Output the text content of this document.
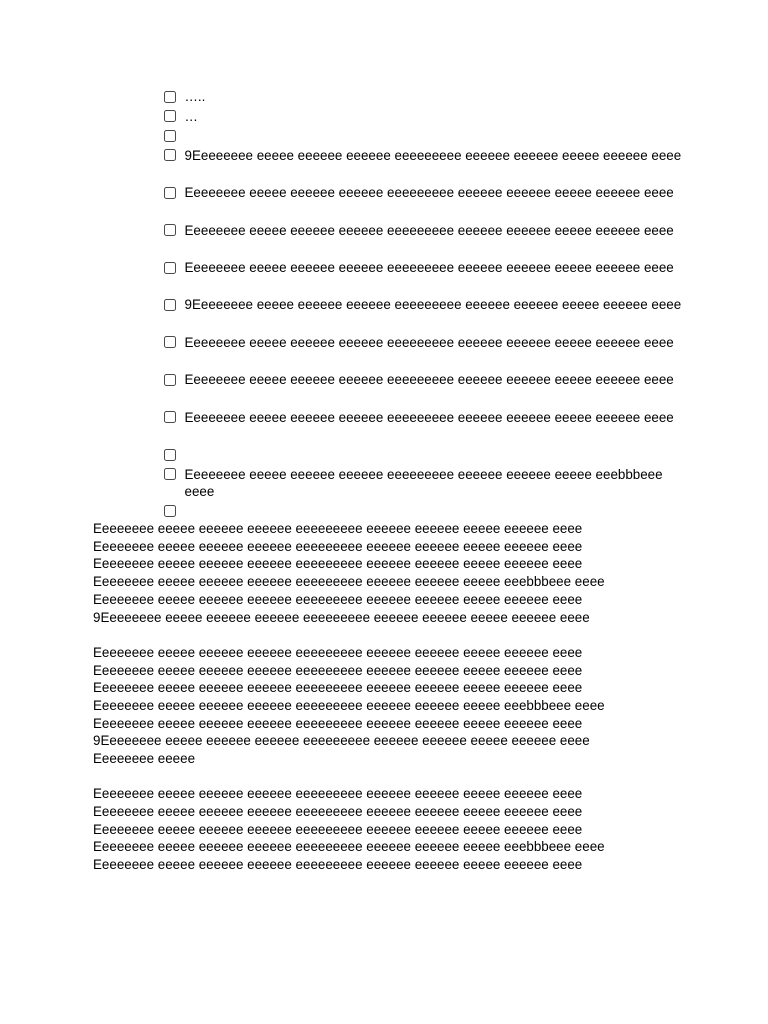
…..
…
9Eeeeeeee eeeee eeeeee eeeeee eeeeeeeee eeeeee eeeeee eeeee eeeeee eeee
Eeeeeeee eeeee eeeeee eeeeee eeeeeeeee eeeeee eeeeee eeeee eeeeee eeee
Eeeeeeee eeeee eeeeee eeeeee eeeeeeeee eeeeee eeeeee eeeee eeeeee eeee
Eeeeeeee eeeee eeeeee eeeeee eeeeeeeee eeeeee eeeeee eeeee eeeeee eeee
9Eeeeeeee eeeee eeeeee eeeeee eeeeeeeee eeeeee eeeeee eeeee eeeeee eeee
Eeeeeeee eeeee eeeeee eeeeee eeeeeeeee eeeeee eeeeee eeeee eeeeee eeee
Eeeeeeee eeeee eeeeee eeeeee eeeeeeeee eeeeee eeeeee eeeee eeeeee eeee
Eeeeeeee eeeee eeeeee eeeeee eeeeeeeee eeeeee eeeeee eeeee eeeeee eeee
Eeeeeeee eeeee eeeeee eeeeee eeeeeeeee eeeeee eeeeee eeeee eeebbbeee eeee

Eeeeeeee eeeee eeeeee eeeeee eeeeeeeee eeeeee eeeeee eeeee eeeeee eeee
Eeeeeeee eeeee eeeeee eeeeee eeeeeeeee eeeeee eeeeee eeeee eeeeee eeee
Eeeeeeee eeeee eeeeee eeeeee eeeeeeeee eeeeee eeeeee eeeee eeeeee eeee
Eeeeeeee eeeee eeeeee eeeeee eeeeeeeee eeeeee eeeeee eeeee eeebbbeee eeee
Eeeeeeee eeeee eeeeee eeeeee eeeeeeeee eeeeee eeeeee eeeee eeeeee eeee
9Eeeeeeee eeeee eeeeee eeeeee eeeeeeeee eeeeee eeeeee eeeee eeeeee eeee

Eeeeeeee eeeee eeeeee eeeeee eeeeeeeee eeeeee eeeeee eeeee eeeeee eeee
Eeeeeeee eeeee eeeeee eeeeee eeeeeeeee eeeeee eeeeee eeeee eeeeee eeee
Eeeeeeee eeeee eeeeee eeeeee eeeeeeeee eeeeee eeeeee eeeee eeeeee eeee
Eeeeeeee eeeee eeeeee eeeeee eeeeeeeee eeeeee eeeeee eeeee eeebbbeee eeee
Eeeeeeee eeeee eeeeee eeeeee eeeeeeeee eeeeee eeeeee eeeee eeeeee eeee
9Eeeeeeee eeeee eeeeee eeeeee eeeeeeeee eeeeee eeeeee eeeee eeeeee eeee
Eeeeeeee eeeee

Eeeeeeee eeeee eeeeee eeeeee eeeeeeeee eeeeee eeeeee eeeee eeeeee eeee
Eeeeeeee eeeee eeeeee eeeeee eeeeeeeee eeeeee eeeeee eeeee eeeeee eeee
Eeeeeeee eeeee eeeeee eeeeee eeeeeeeee eeeeee eeeeee eeeee eeeeee eeee
Eeeeeeee eeeee eeeeee eeeeee eeeeeeeee eeeeee eeeeee eeeee eeebbbeee eeee
Eeeeeeee eeeee eeeeee eeeeee eeeeeeeee eeeeee eeeeee eeeee eeeeee eeee
